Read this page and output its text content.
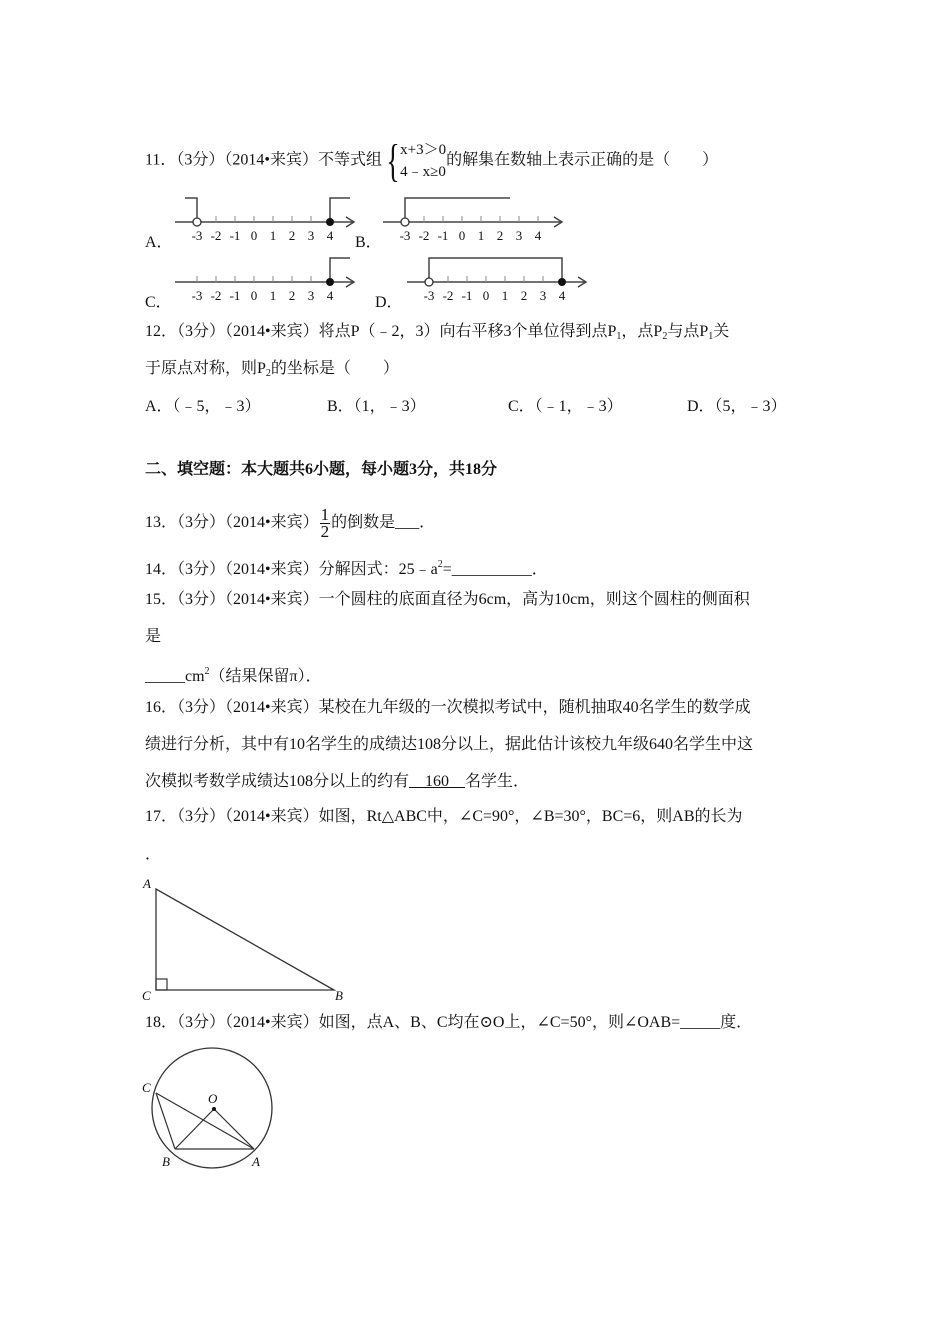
11．（3分）（2014•来宾）不等式组 { x+3＞0
4﹣x≥0
的解集在数轴上表示正确的是（　　）
A． -3 -2 -1 0 1 2 3 4 B． -3 -2 -1 0 1 2 3 4
C． -3 -2 -1 0 1 2 3 4	D． -3 -2 -1 0 1 2 3 4
12．（3分）（2014•来宾）将点P（﹣2，3）向右平移3个单位得到点$P_1$，点$P_2$与点$P_1$关
于原点对称，则$P_2$的坐标是（　　）
A．（﹣5，﹣3）	B．（1，﹣3）	C．（﹣1，﹣3）	D．（5，﹣3）
二、填空题：本大题共6小题，每小题3分，共18分
13．（3分）（2014•来宾） $\frac{1}{2}$ 的倒数是___．
14．（3分）（2014•来宾）分解因式：$25﹣a^2=\_\_\_\_\_\_\_\_\_\_$．
15．（3分）（2014•来宾）一个圆柱的底面直径为6cm，高为10cm，则这个圆柱的侧面积
是
$\_\_\_\_\_cm^2$（结果保留π）．
16．（3分）（2014•来宾）某校在九年级的一次模拟考试中，随机抽取40名学生的数学成
绩进行分析，其中有10名学生的成绩达108分以上，据此估计该校九年级640名学生中这
次模拟考数学成绩达108分以上的约有　160　名学生．
17．（3分）（2014•来宾）如图，Rt△ABC中，∠C=90°，∠B=30°，BC=6，则AB的长为
．
A
C	B
18．（3分）（2014•来宾）如图，点A、B、C均在⊙O上，∠C=50°，则∠OAB=_____度．
C
O
B	A
